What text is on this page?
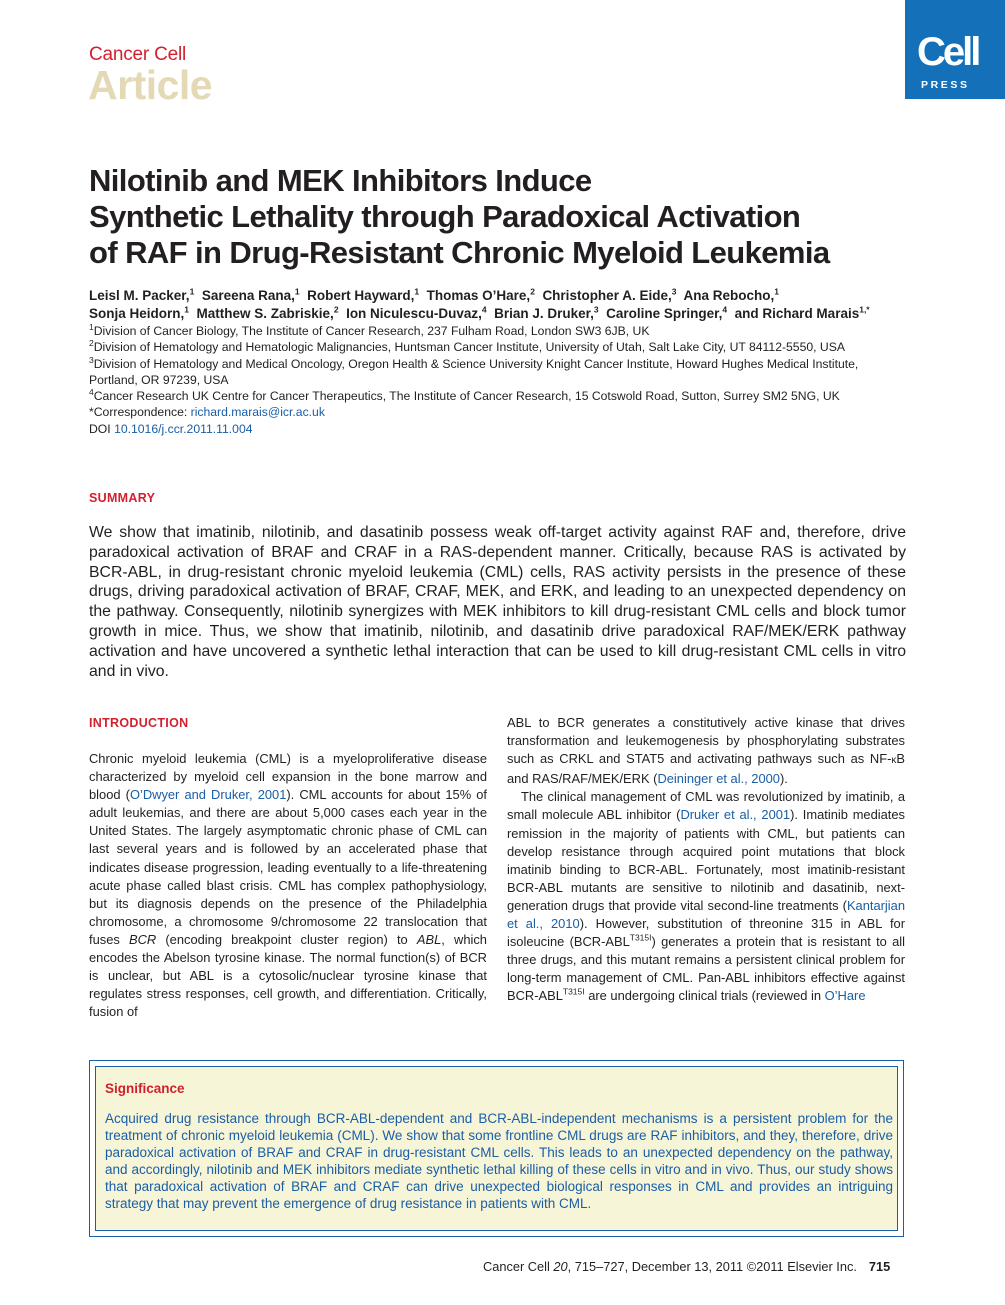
Cancer Cell
Article
Cell
PRESS
Nilotinib and MEK Inhibitors Induce
Synthetic Lethality through Paradoxical Activation
of RAF in Drug-Resistant Chronic Myeloid Leukemia
Leisl M. Packer,$^1$ Sareena Rana,$^1$ Robert Hayward,$^1$ Thomas O’Hare,$^2$ Christopher A. Eide,$^3$ Ana Rebocho,$^1$
Sonja Heidorn,$^1$ Matthew S. Zabriskie,$^2$ Ion Niculescu-Duvaz,$^4$ Brian J. Druker,$^3$ Caroline Springer,$^4$ and Richard Marais$^{1,*}$
$^1$Division of Cancer Biology, The Institute of Cancer Research, 237 Fulham Road, London SW3 6JB, UK
$^2$Division of Hematology and Hematologic Malignancies, Huntsman Cancer Institute, University of Utah, Salt Lake City, UT 84112-5550, USA
$^3$Division of Hematology and Medical Oncology, Oregon Health & Science University Knight Cancer Institute, Howard Hughes Medical Institute, Portland, OR 97239, USA
$^4$Cancer Research UK Centre for Cancer Therapeutics, The Institute of Cancer Research, 15 Cotswold Road, Sutton, Surrey SM2 5NG, UK
*Correspondence: richard.marais@icr.ac.uk
DOI 10.1016/j.ccr.2011.11.004
SUMMARY

We show that imatinib, nilotinib, and dasatinib possess weak off-target activity against RAF and, therefore, drive paradoxical activation of BRAF and CRAF in a RAS-dependent manner. Critically, because RAS is activated by BCR-ABL, in drug-resistant chronic myeloid leukemia (CML) cells, RAS activity persists in the presence of these drugs, driving paradoxical activation of BRAF, CRAF, MEK, and ERK, and leading to an unexpected dependency on the pathway. Consequently, nilotinib synergizes with MEK inhibitors to kill drug-resistant CML cells and block tumor growth in mice. Thus, we show that imatinib, nilotinib, and dasatinib drive paradoxical RAF/MEK/ERK pathway activation and have uncovered a synthetic lethal interaction that can be used to kill drug-resistant CML cells in vitro and in vivo.

INTRODUCTION

Chronic myeloid leukemia (CML) is a myeloproliferative disease characterized by myeloid cell expansion in the bone marrow and blood (O’Dwyer and Druker, 2001). CML accounts for about 15% of adult leukemias, and there are about 5,000 cases each year in the United States. The largely asymptomatic chronic phase of CML can last several years and is followed by an accelerated phase that indicates disease progression, leading eventually to a life-threatening acute phase called blast crisis. CML has complex pathophysiology, but its diagnosis depends on the presence of the Philadelphia chromosome, a chromosome 9/chromosome 22 translocation that fuses BCR (encoding breakpoint cluster region) to ABL, which encodes the Abelson tyrosine kinase. The normal function(s) of BCR is unclear, but ABL is a cytosolic/nuclear tyrosine kinase that regulates stress responses, cell growth, and differentiation. Critically, fusion of

ABL to BCR generates a constitutively active kinase that drives transformation and leukemogenesis by phosphorylating substrates such as CRKL and STAT5 and activating pathways such as NF-κB and RAS/RAF/MEK/ERK (Deininger et al., 2000).

The clinical management of CML was revolutionized by imatinib, a small molecule ABL inhibitor (Druker et al., 2001). Imatinib mediates remission in the majority of patients with CML, but patients can develop resistance through acquired point mutations that block imatinib binding to BCR-ABL. Fortunately, most imatinib-resistant BCR-ABL mutants are sensitive to nilotinib and dasatinib, next-generation drugs that provide vital second-line treatments (Kantarjian et al., 2010). However, substitution of threonine 315 in ABL for isoleucine $(BCR-ABL^{T315I})$ generates a protein that is resistant to all three drugs, and this mutant remains a persistent clinical problem for long-term management of CML. Pan-ABL inhibitors effective against BCR-$ABL^{T315I}$ are undergoing clinical trials (reviewed in O’Hare

Significance

Acquired drug resistance through BCR-ABL-dependent and BCR-ABL-independent mechanisms is a persistent problem for the treatment of chronic myeloid leukemia (CML). We show that some frontline CML drugs are RAF inhibitors, and they, therefore, drive paradoxical activation of BRAF and CRAF in drug-resistant CML cells. This leads to an unexpected dependency on the pathway, and accordingly, nilotinib and MEK inhibitors mediate synthetic lethal killing of these cells in vitro and in vivo. Thus, our study shows that paradoxical activation of BRAF and CRAF can drive unexpected biological responses in CML and provides an intriguing strategy that may prevent the emergence of drug resistance in patients with CML.

Cancer Cell 20, 715–727, December 13, 2011 ©2011 Elsevier Inc. 715
